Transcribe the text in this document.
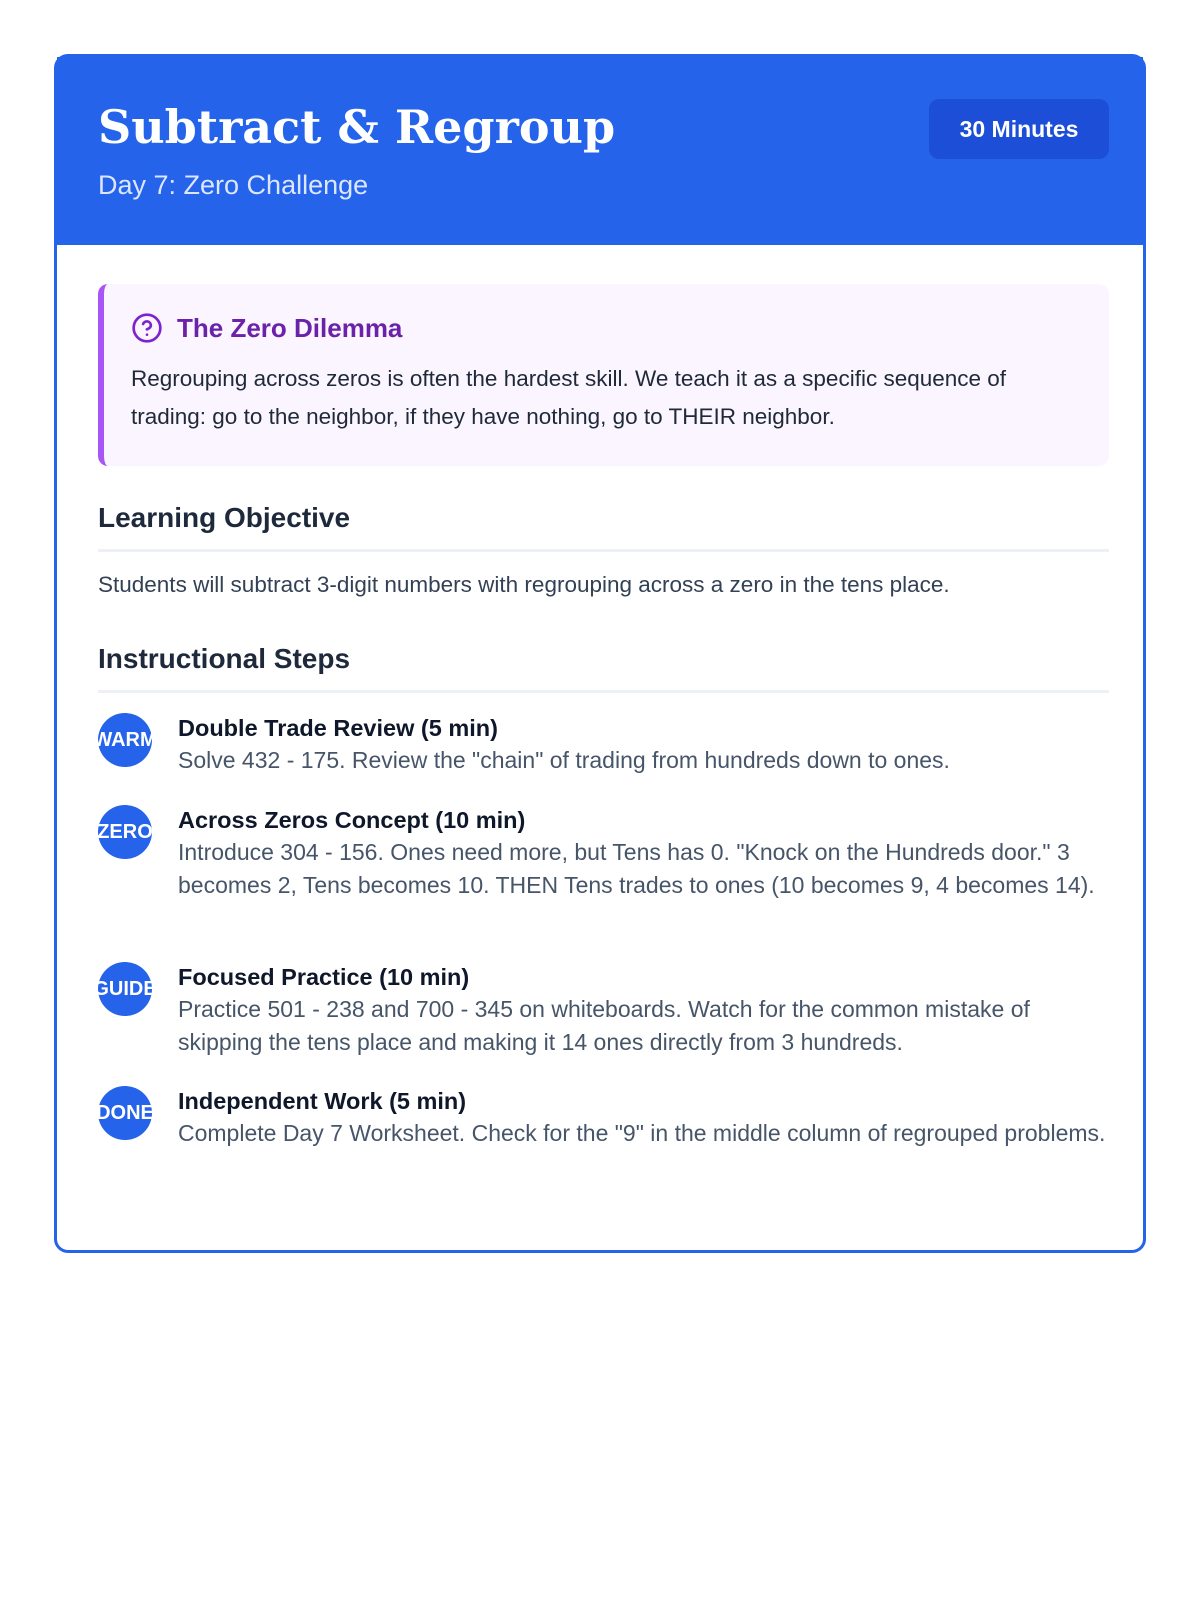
Subtract & Regroup
Day 7: Zero Challenge
30 Minutes
The Zero Dilemma
Regrouping across zeros is often the hardest skill. We teach it as a specific sequence of trading: go to the neighbor, if they have nothing, go to THEIR neighbor.
Learning Objective
Students will subtract 3-digit numbers with regrouping across a zero in the tens place.
Instructional Steps
WARM Double Trade Review (5 min)
Solve 432 - 175. Review the "chain" of trading from hundreds down to ones.
ZERO Across Zeros Concept (10 min)
Introduce 304 - 156. Ones need more, but Tens has 0. "Knock on the Hundreds door." 3 becomes 2, Tens becomes 10. THEN Tens trades to ones (10 becomes 9, 4 becomes 14).
GUIDE Focused Practice (10 min)
Practice 501 - 238 and 700 - 345 on whiteboards. Watch for the common mistake of skipping the tens place and making it 14 ones directly from 3 hundreds.
DONE Independent Work (5 min)
Complete Day 7 Worksheet. Check for the "9" in the middle column of regrouped problems.
